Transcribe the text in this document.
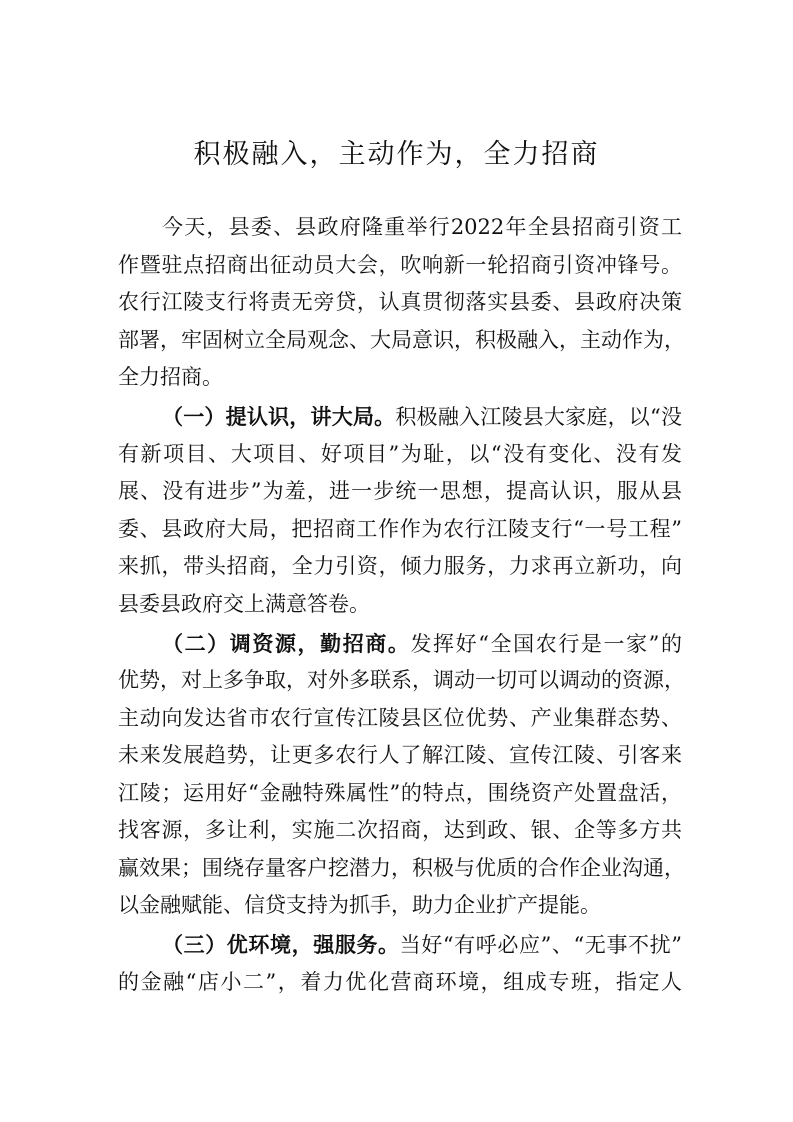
积极融入，主动作为，全力招商
今天，县委、县政府隆重举行2022年全县招商引资工
作暨驻点招商出征动员大会，吹响新一轮招商引资冲锋号。
农行江陵支行将责无旁贷，认真贯彻落实县委、县政府决策
部署，牢固树立全局观念、大局意识，积极融入，主动作为，
全力招商。
（一）提认识，讲大局。积极融入江陵县大家庭，以“没
有新项目、大项目、好项目”为耻，以“没有变化、没有发
展、没有进步”为羞，进一步统一思想，提高认识，服从县
委、县政府大局，把招商工作作为农行江陵支行“一号工程”
来抓，带头招商，全力引资，倾力服务，力求再立新功，向
县委县政府交上满意答卷。
（二）调资源，勤招商。发挥好“全国农行是一家”的
优势，对上多争取，对外多联系，调动一切可以调动的资源，
主动向发达省市农行宣传江陵县区位优势、产业集群态势、
未来发展趋势，让更多农行人了解江陵、宣传江陵、引客来
江陵；运用好“金融特殊属性”的特点，围绕资产处置盘活，
找客源，多让利，实施二次招商，达到政、银、企等多方共
赢效果；围绕存量客户挖潜力，积极与优质的合作企业沟通，
以金融赋能、信贷支持为抓手，助力企业扩产提能。
（三）优环境，强服务。当好“有呼必应”、“无事不扰”
的金融“店小二”，着力优化营商环境，组成专班，指定人
